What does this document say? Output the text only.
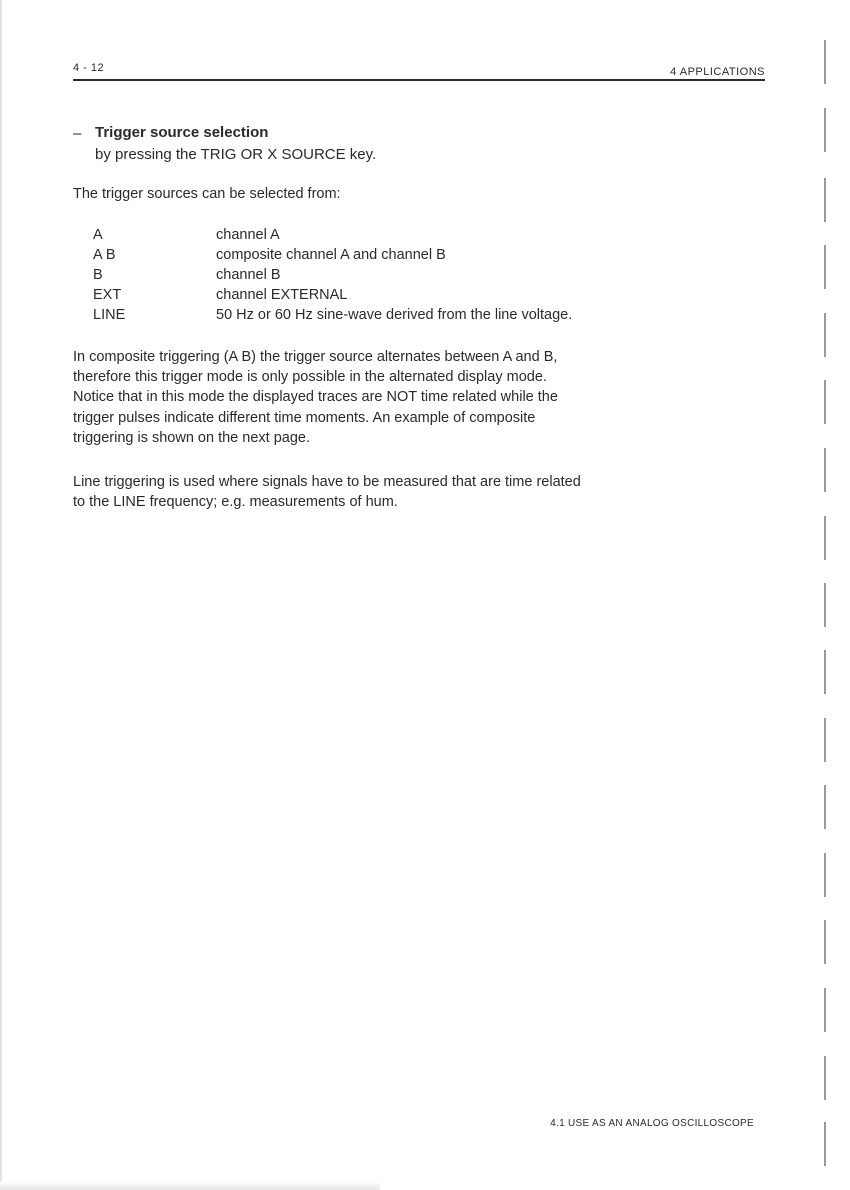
4 - 12	4 APPLICATIONS
– Trigger source selection
by pressing the TRIG OR X SOURCE key.
The trigger sources can be selected from:
A	channel A
A B	composite channel A and channel B
B	channel B
EXT	channel EXTERNAL
LINE	50 Hz or 60 Hz sine-wave derived from the line voltage.

In composite triggering (A B) the trigger source alternates between A and B,
therefore this trigger mode is only possible in the alternated display mode.
Notice that in this mode the displayed traces are NOT time related while the
trigger pulses indicate different time moments. An example of composite
triggering is shown on the next page.

Line triggering is used where signals have to be measured that are time related
to the LINE frequency; e.g. measurements of hum.

4.1 USE AS AN ANALOG OSCILLOSCOPE
